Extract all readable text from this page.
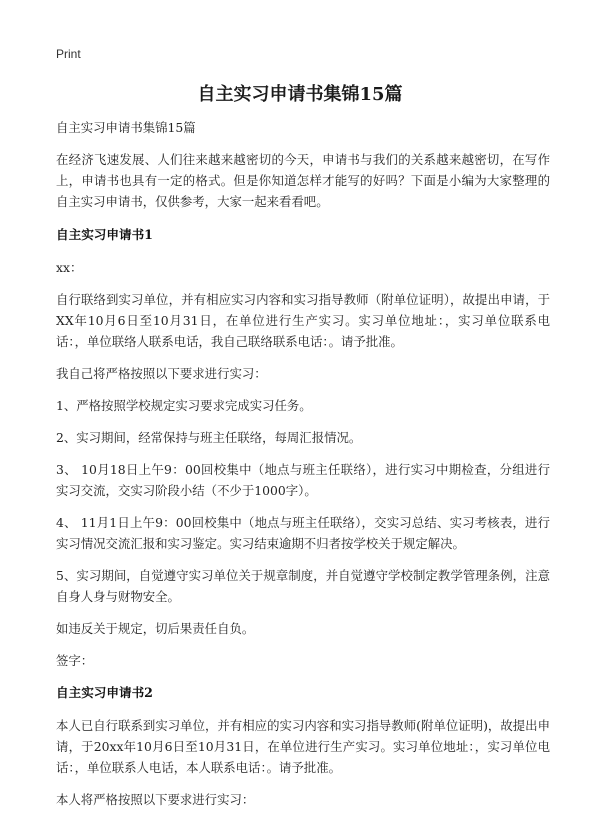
Print
自主实习申请书集锦15篇

自主实习申请书集锦15篇

在经济飞速发展、人们往来越来越密切的今天，申请书与我们的关系越来越密切，在写作上，申请书也具有一定的格式。但是你知道怎样才能写的好吗？下面是小编为大家整理的自主实习申请书，仅供参考，大家一起来看看吧。

自主实习申请书1

xx：

自行联络到实习单位，并有相应实习内容和实习指导教师（附单位证明），故提出申请，于XX年10月6日至10月31日，在单位进行生产实习。实习单位地址：，实习单位联系电话：，单位联络人联系电话，我自己联络联系电话：。请予批准。

我自己将严格按照以下要求进行实习：

1、严格按照学校规定实习要求完成实习任务。

2、实习期间，经常保持与班主任联络，每周汇报情况。

3、 10月18日上午9：00回校集中（地点与班主任联络），进行实习中期检查，分组进行实习交流，交实习阶段小结（不少于1000字）。

4、 11月1日上午9：00回校集中（地点与班主任联络），交实习总结、实习考核表，进行实习情况交流汇报和实习鉴定。实习结束逾期不归者按学校关于规定解决。

5、实习期间，自觉遵守实习单位关于规章制度，并自觉遵守学校制定教学管理条例，注意自身人身与财物安全。

如违反关于规定，切后果责任自负。

签字：

自主实习申请书2

本人已自行联系到实习单位，并有相应的实习内容和实习指导教师(附单位证明)，故提出申请，于20xx年10月6日至10月31日，在单位进行生产实习。实习单位地址：，实习单位电话：，单位联系人电话，本人联系电话：。请予批准。

本人将严格按照以下要求进行实习：
